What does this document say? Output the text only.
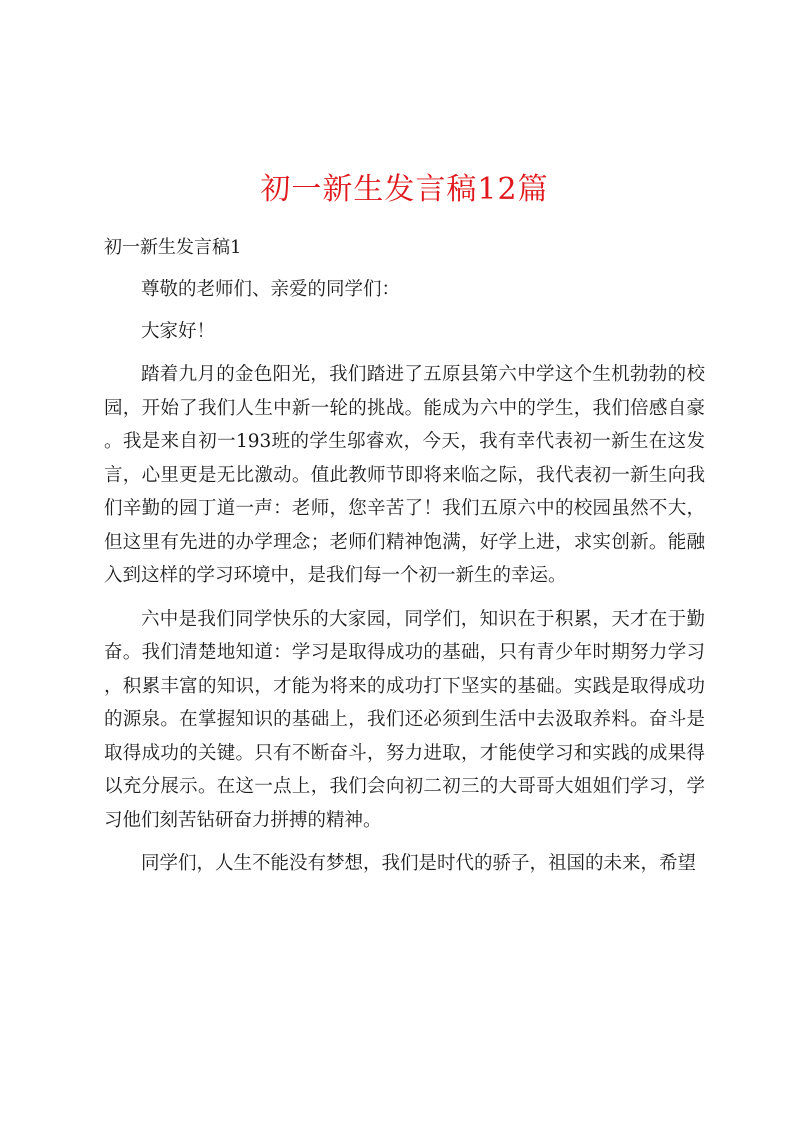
初一新生发言稿12篇
初一新生发言稿1

尊敬的老师们、亲爱的同学们：

大家好！

踏着九月的金色阳光，我们踏进了五原县第六中学这个生机勃勃的校园，开始了我们人生中新一轮的挑战。能成为六中的学生，我们倍感自豪。我是来自初一193班的学生邬睿欢，今天，我有幸代表初一新生在这发言，心里更是无比激动。值此教师节即将来临之际，我代表初一新生向我们辛勤的园丁道一声：老师，您辛苦了！我们五原六中的校园虽然不大，但这里有先进的办学理念；老师们精神饱满，好学上进，求实创新。能融入到这样的学习环境中，是我们每一个初一新生的幸运。

六中是我们同学快乐的大家园，同学们，知识在于积累，天才在于勤奋。我们清楚地知道：学习是取得成功的基础，只有青少年时期努力学习，积累丰富的知识，才能为将来的成功打下坚实的基础。实践是取得成功的源泉。在掌握知识的基础上，我们还必须到生活中去汲取养料。奋斗是取得成功的关键。只有不断奋斗，努力进取，才能使学习和实践的成果得以充分展示。在这一点上，我们会向初二初三的大哥哥大姐姐们学习，学习他们刻苦钻研奋力拼搏的精神。

同学们，人生不能没有梦想，我们是时代的骄子，祖国的未来，希望
